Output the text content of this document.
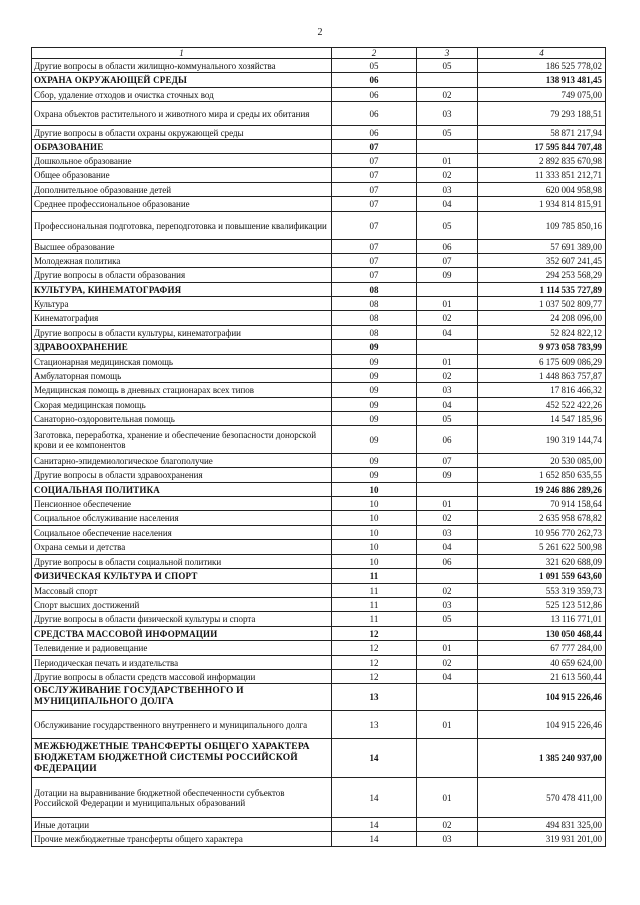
2
1	2	3	4
Другие вопросы в области жилищно-коммунального хозяйства	05	05	186 525 778,02
ОХРАНА ОКРУЖАЮЩЕЙ СРЕДЫ	06		138 913 481,45
Сбор, удаление отходов и очистка сточных вод	06	02	749 075,00
Охрана объектов растительного и животного мира и среды их обитания	06	03	79 293 188,51
Другие вопросы в области охраны окружающей среды	06	05	58 871 217,94
ОБРАЗОВАНИЕ	07		17 595 844 707,48
Дошкольное образование	07	01	2 892 835 670,98
Общее образование	07	02	11 333 851 212,71
Дополнительное образование детей	07	03	620 004 958,98
Среднее профессиональное образование	07	04	1 934 814 815,91
Профессиональная подготовка, переподготовка и повышение квалификации	07	05	109 785 850,16
Высшее образование	07	06	57 691 389,00
Молодежная политика	07	07	352 607 241,45
Другие вопросы в области образования	07	09	294 253 568,29
КУЛЬТУРА, КИНЕМАТОГРАФИЯ	08		1 114 535 727,89
Культура	08	01	1 037 502 809,77
Кинематография	08	02	24 208 096,00
Другие вопросы в области культуры, кинематографии	08	04	52 824 822,12
ЗДРАВООХРАНЕНИЕ	09		9 973 058 783,99
Стационарная медицинская помощь	09	01	6 175 609 086,29
Амбулаторная помощь	09	02	1 448 863 757,87
Медицинская помощь в дневных стационарах всех типов	09	03	17 816 466,32
Скорая медицинская помощь	09	04	452 522 422,26
Санаторно-оздоровительная помощь	09	05	14 547 185,96
Заготовка, переработка, хранение и обеспечение безопасности донорской крови и ее компонентов	09	06	190 319 144,74
Санитарно-эпидемиологическое благополучие	09	07	20 530 085,00
Другие вопросы в области здравоохранения	09	09	1 652 850 635,55
СОЦИАЛЬНАЯ ПОЛИТИКА	10		19 246 886 289,26
Пенсионное обеспечение	10	01	70 914 158,64
Социальное обслуживание населения	10	02	2 635 958 678,82
Социальное обеспечение населения	10	03	10 956 770 262,73
Охрана семьи и детства	10	04	5 261 622 500,98
Другие вопросы в области социальной политики	10	06	321 620 688,09
ФИЗИЧЕСКАЯ КУЛЬТУРА И СПОРТ	11		1 091 559 643,60
Массовый спорт	11	02	553 319 359,73
Спорт высших достижений	11	03	525 123 512,86
Другие вопросы в области физической культуры и спорта	11	05	13 116 771,01
СРЕДСТВА МАССОВОЙ ИНФОРМАЦИИ	12		130 050 468,44
Телевидение и радиовещание	12	01	67 777 284,00
Периодическая печать и издательства	12	02	40 659 624,00
Другие вопросы в области средств массовой информации	12	04	21 613 560,44
ОБСЛУЖИВАНИЕ ГОСУДАРСТВЕННОГО И МУНИЦИПАЛЬНОГО ДОЛГА	13		104 915 226,46
Обслуживание государственного внутреннего и муниципального долга	13	01	104 915 226,46
МЕЖБЮДЖЕТНЫЕ ТРАНСФЕРТЫ ОБЩЕГО ХАРАКТЕРА БЮДЖЕТАМ БЮДЖЕТНОЙ СИСТЕМЫ РОССИЙСКОЙ ФЕДЕРАЦИИ	14		1 385 240 937,00
Дотации на выравнивание бюджетной обеспеченности субъектов Российской Федерации и муниципальных образований	14	01	570 478 411,00
Иные дотации	14	02	494 831 325,00
Прочие межбюджетные трансферты общего характера	14	03	319 931 201,00
